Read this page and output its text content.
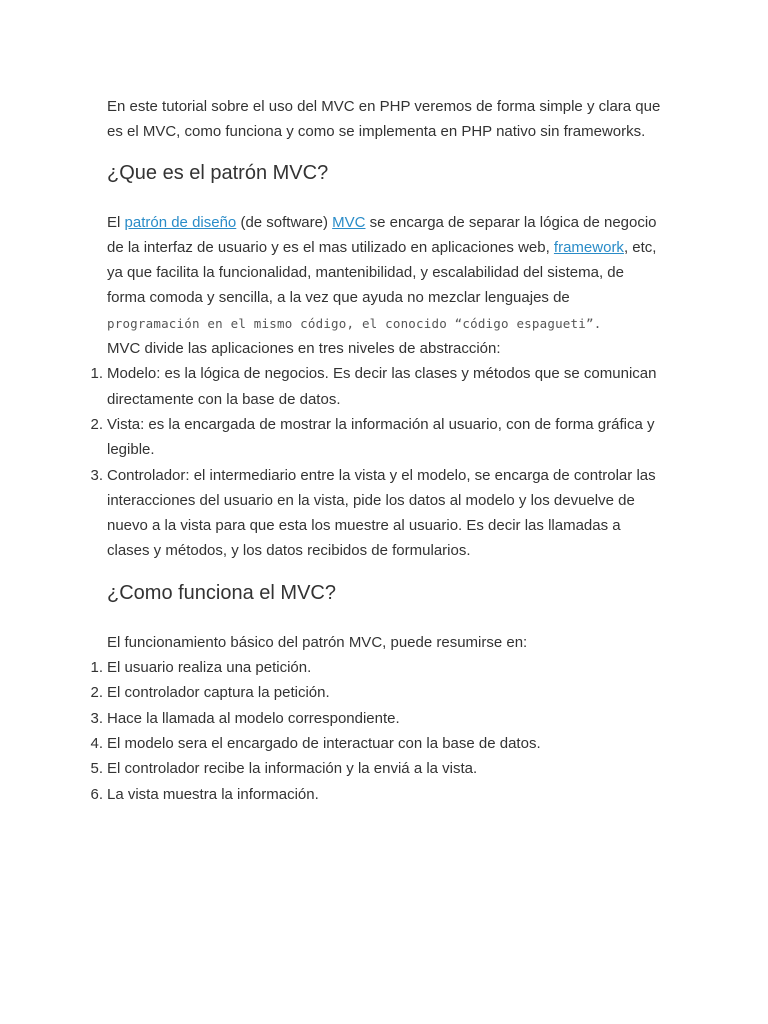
En este tutorial sobre el uso del MVC en PHP veremos de forma simple y clara que es el MVC, como funciona y como se implementa en PHP nativo sin frameworks.

¿Que es el patrón MVC?

El patrón de diseño (de software) MVC se encarga de separar la lógica de negocio de la interfaz de usuario y es el mas utilizado en aplicaciones web, framework, etc, ya que facilita la funcionalidad, mantenibilidad, y escalabilidad del sistema, de forma comoda y sencilla, a la vez que ayuda no mezclar lenguajes de
programación en el mismo código, el conocido “código espagueti”.

MVC divide las aplicaciones en tres niveles de abstracción:

1. Modelo: es la lógica de negocios. Es decir las clases y métodos que se comunican directamente con la base de datos.
2. Vista: es la encargada de mostrar la información al usuario, con de forma gráfica y legible.
3. Controlador: el intermediario entre la vista y el modelo, se encarga de controlar las interacciones del usuario en la vista, pide los datos al modelo y los devuelve de nuevo a la vista para que esta los muestre al usuario. Es decir las llamadas a clases y métodos, y los datos recibidos de formularios.
¿Como funciona el MVC?

El funcionamiento básico del patrón MVC, puede resumirse en:

1. El usuario realiza una petición.
2. El controlador captura la petición.
3. Hace la llamada al modelo correspondiente.
4. El modelo sera el encargado de interactuar con la base de datos.
5. El controlador recibe la información y la enviá a la vista.
6. La vista muestra la información.
